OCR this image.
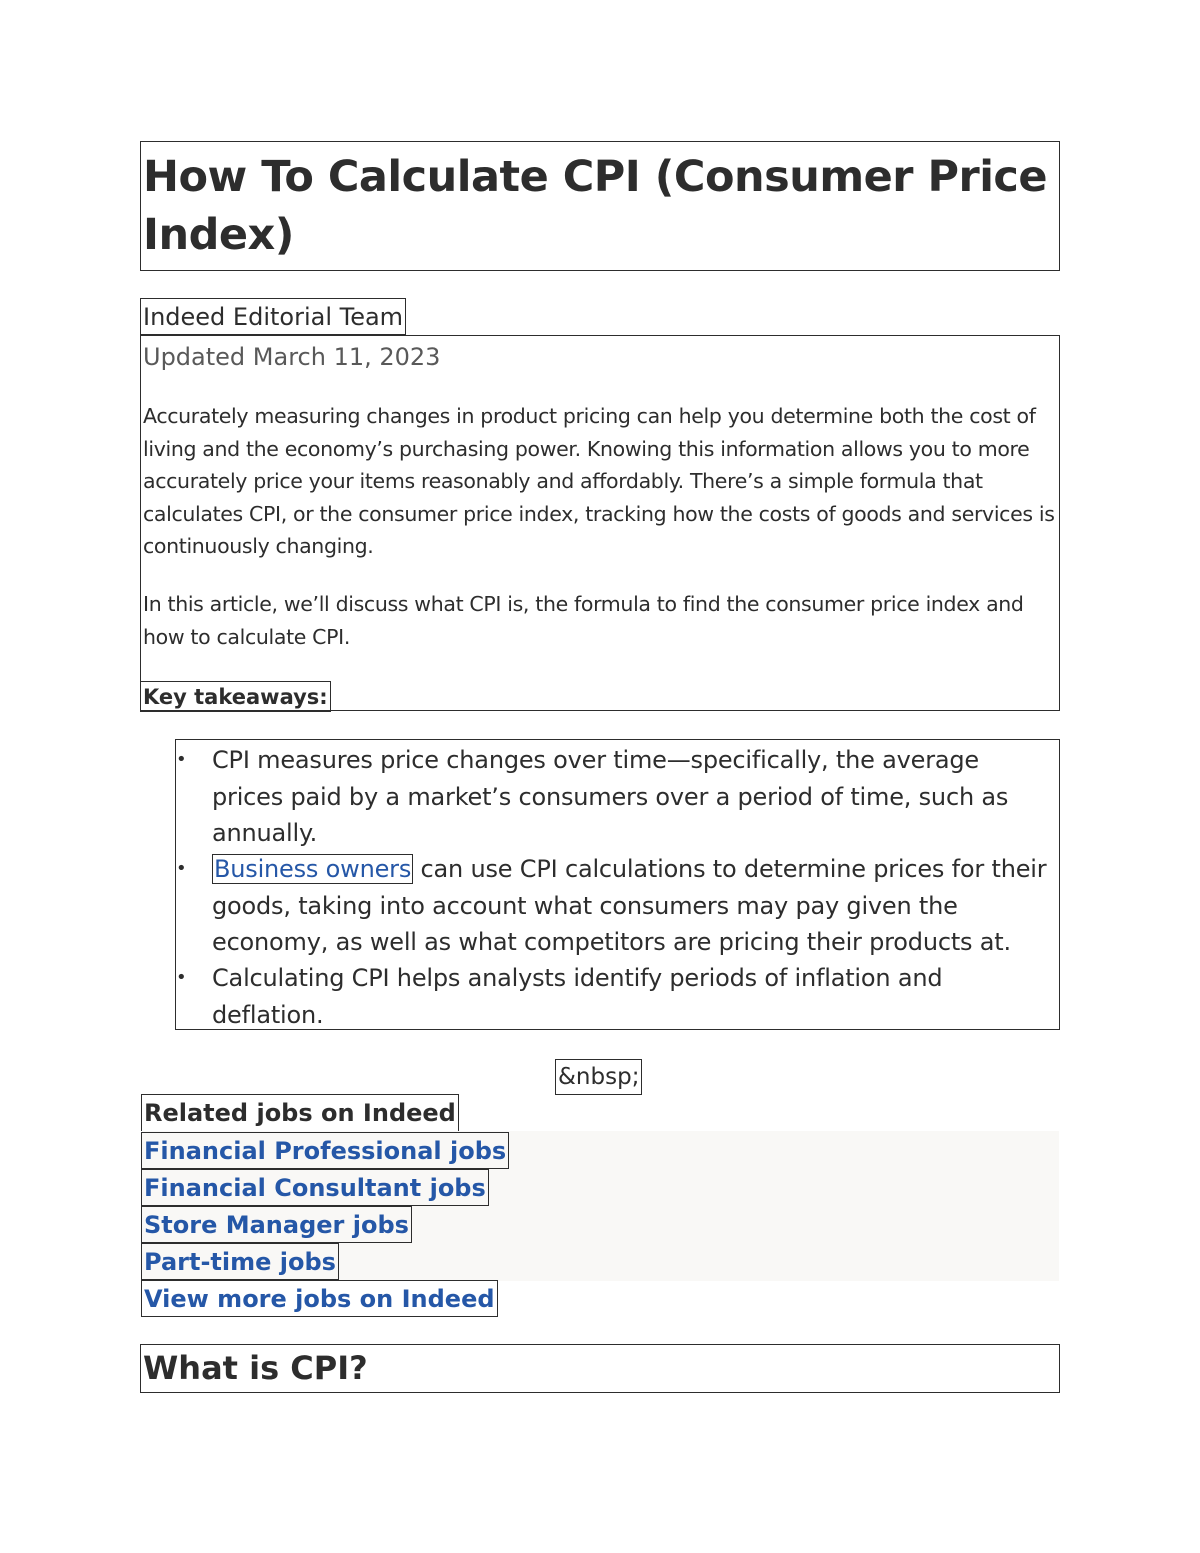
How To Calculate CPI (Consumer Price Index)
Indeed Editorial Team
Updated March 11, 2023

Accurately measuring changes in product pricing can help you determine both the cost of living and the economy’s purchasing power. Knowing this information allows you to more accurately price your items reasonably and affordably. There’s a simple formula that calculates CPI, or the consumer price index, tracking how the costs of goods and services is continuously changing.

In this article, we’ll discuss what CPI is, the formula to find the consumer price index and how to calculate CPI.

Key takeaways:
• CPI measures price changes over time—specifically, the average prices paid by a market’s consumers over a period of time, such as annually.
• Business owners can use CPI calculations to determine prices for their goods, taking into account what consumers may pay given the economy, as well as what competitors are pricing their products at.
• Calculating CPI helps analysts identify periods of inflation and deflation.
&nbsp;
Related jobs on Indeed
Financial Professional jobs
Financial Consultant jobs
Store Manager jobs
Part-time jobs
View more jobs on Indeed
What is CPI?
